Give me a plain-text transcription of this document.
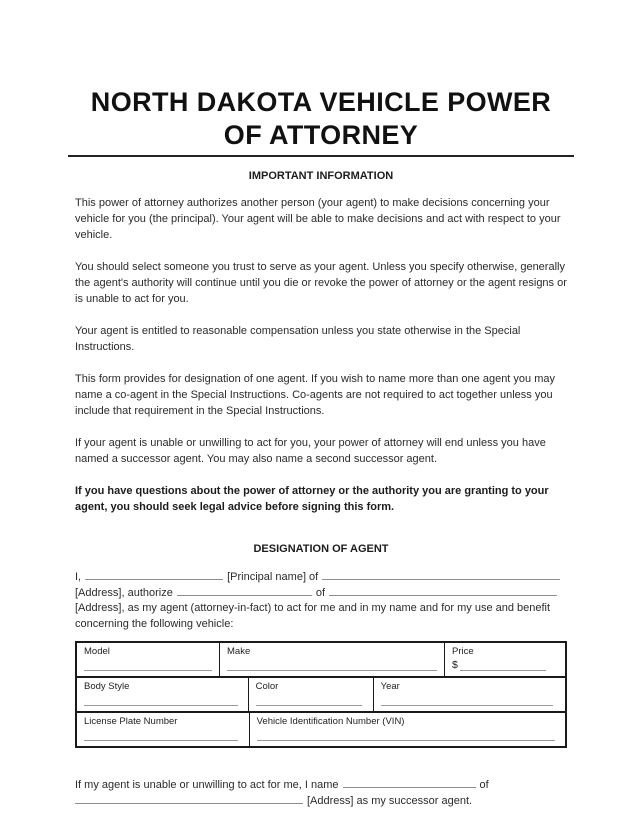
NORTH DAKOTA VEHICLE POWER
OF ATTORNEY
IMPORTANT INFORMATION

This power of attorney authorizes another person (your agent) to make decisions concerning your vehicle for you (the principal). Your agent will be able to make decisions and act with respect to your vehicle.

You should select someone you trust to serve as your agent. Unless you specify otherwise, generally the agent's authority will continue until you die or revoke the power of attorney or the agent resigns or is unable to act for you.

Your agent is entitled to reasonable compensation unless you state otherwise in the Special Instructions.

This form provides for designation of one agent. If you wish to name more than one agent you may name a co-agent in the Special Instructions. Co-agents are not required to act together unless you include that requirement in the Special Instructions.

If your agent is unable or unwilling to act for you, your power of attorney will end unless you have named a successor agent. You may also name a second successor agent.

If you have questions about the power of attorney or the authority you are granting to your agent, you should seek legal advice before signing this form.

DESIGNATION OF AGENT
I,	[Principal name] of
[Address], authorize	of
[Address], as my agent (attorney-in-fact) to act for me and in my name and for my use and benefit
concerning the following vehicle:
Model	Make	Price
$
Body Style	Color	Year
License Plate Number	Vehicle Identification Number (VIN)
If my agent is unable or unwilling to act for me, I name	of
[Address] as my successor agent.
